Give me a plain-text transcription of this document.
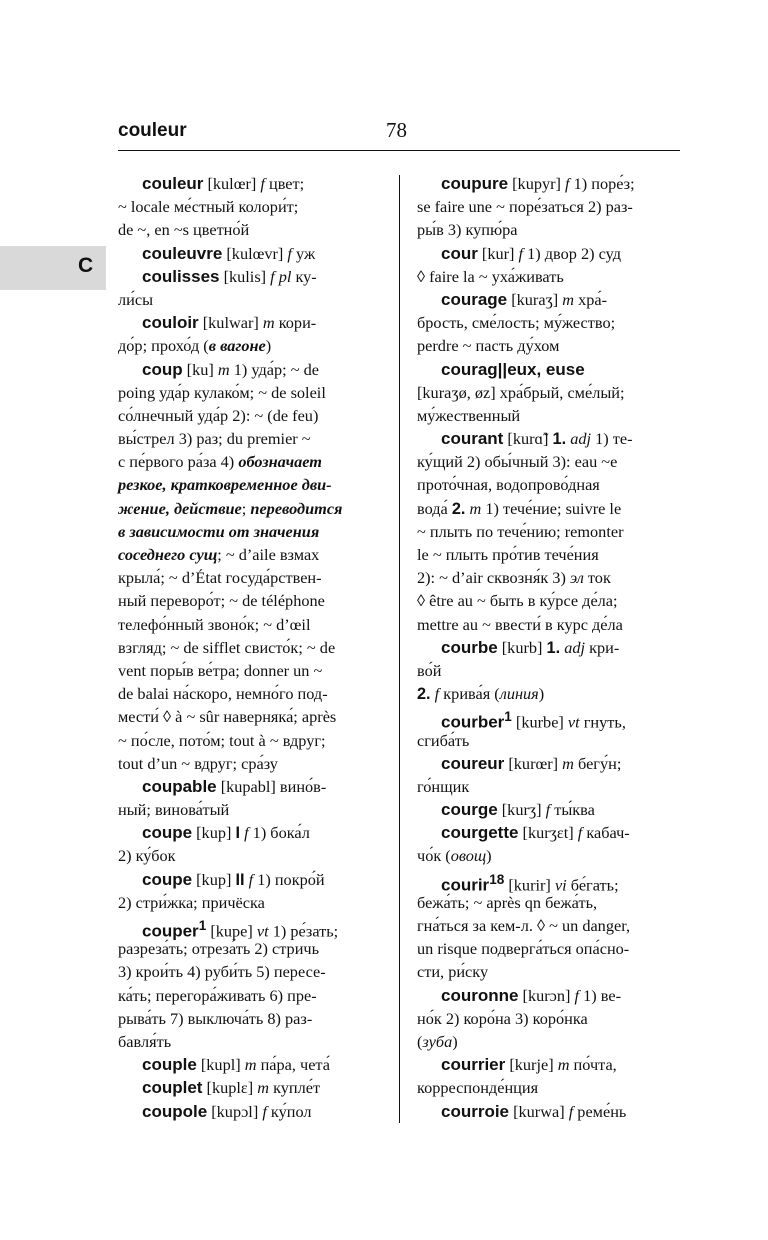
couleur	78
C
couleur [kulœr] f цвет;
~ locale ме́стный колори́т;
de ~, en ~s цветно́й
couleuvre [kulœvr] f уж
coulisses [kulis] f pl ку-
ли́сы
couloir [kulwar] m кори-
до́р; прохо́д (в вагоне)
coup [ku] m 1) уда́р; ~ de
poing уда́р кулако́м; ~ de soleil
со́лнечный уда́р 2): ~ (de feu)
вы́стрел 3) раз; du premier ~
с пе́рвого ра́за 4) обозначает
резкое, кратковременное дви-
жение, действие; переводится
в зависимости от значения
соседнего сущ; ~ d’aile взмах
крыла́; ~ d’État госуда́рствен-
ный переворо́т; ~ de téléphone
телефо́нный звоно́к; ~ d’œil
взгляд; ~ de sifflet свисто́к; ~ de
vent поры́в ве́тра; donner un ~
de balai на́скоро, немно́го под-
мести́ ◊ à ~ sûr наверняка́; après
~ по́сле, пото́м; tout à ~ вдруг;
tout d’un ~ вдруг; сра́зу
coupable [kupabl] вино́в-
ный; винова́тый
coupe [kup] I f 1) бока́л
2) ку́бок
coupe [kup] II f 1) покро́й
2) стри́жка; причёска
couper$^1$ [kupe] vt 1) ре́зать;
разреза́ть; отреза́ть 2) стричь
3) крои́ть 4) руби́ть 5) пересе-
ка́ть; перегора́живать 6) пре-
рыва́ть 7) выключа́ть 8) раз-
бавля́ть
couple [kupl] m па́ра, чета́
couplet [kuplɛ] m купле́т
coupole [kupɔl] f ку́пол
coupure [kupyr] f 1) поре́з;
se faire une ~ поре́заться 2) раз-
ры́в 3) купю́ра
cour [kur] f 1) двор 2) суд
◊ faire la ~ уха́живать
courage [kuraʒ] m хра́-
брость, сме́лость; му́жество;
perdre ~ пасть ду́хом
courag||eux, euse
[kuraʒø, øz] хра́брый, сме́лый;
му́жественный
courant [kurɑ̃] 1. adj 1) те-
ку́щий 2) обы́чный 3): eau ~e
прото́чная, водопрово́дная
вода́ 2. m 1) тече́ние; suivre le
~ плыть по тече́нию; remonter
le ~ плыть про́тив тече́ния
2): ~ d’air сквозня́к 3) эл ток
◊ être au ~ быть в ку́рсе де́ла;
mettre au ~ ввести́ в курс де́ла
courbe [kurb] 1. adj кри-
во́й
2. f крива́я (линия)
courber$^1$ [kurbe] vt гнуть,
сгиба́ть
coureur [kurœr] m бегу́н;
го́нщик
courge [kurʒ] f ты́ква
courgette [kurʒɛt] f кабач-
чо́к (овощ)
courir$^{18}$ [kurir] vi бе́гать;
бежа́ть; ~ après qn бежа́ть,
гна́ться за кем-л. ◊ ~ un danger,
un risque подверга́ться опа́сно-
сти, ри́ску
couronne [kurɔn] f 1) ве-
но́к 2) коро́на 3) коро́нка
(зуба)
courrier [kurje] m по́чта,
корреспонде́нция
courroie [kurwa] f реме́нь
